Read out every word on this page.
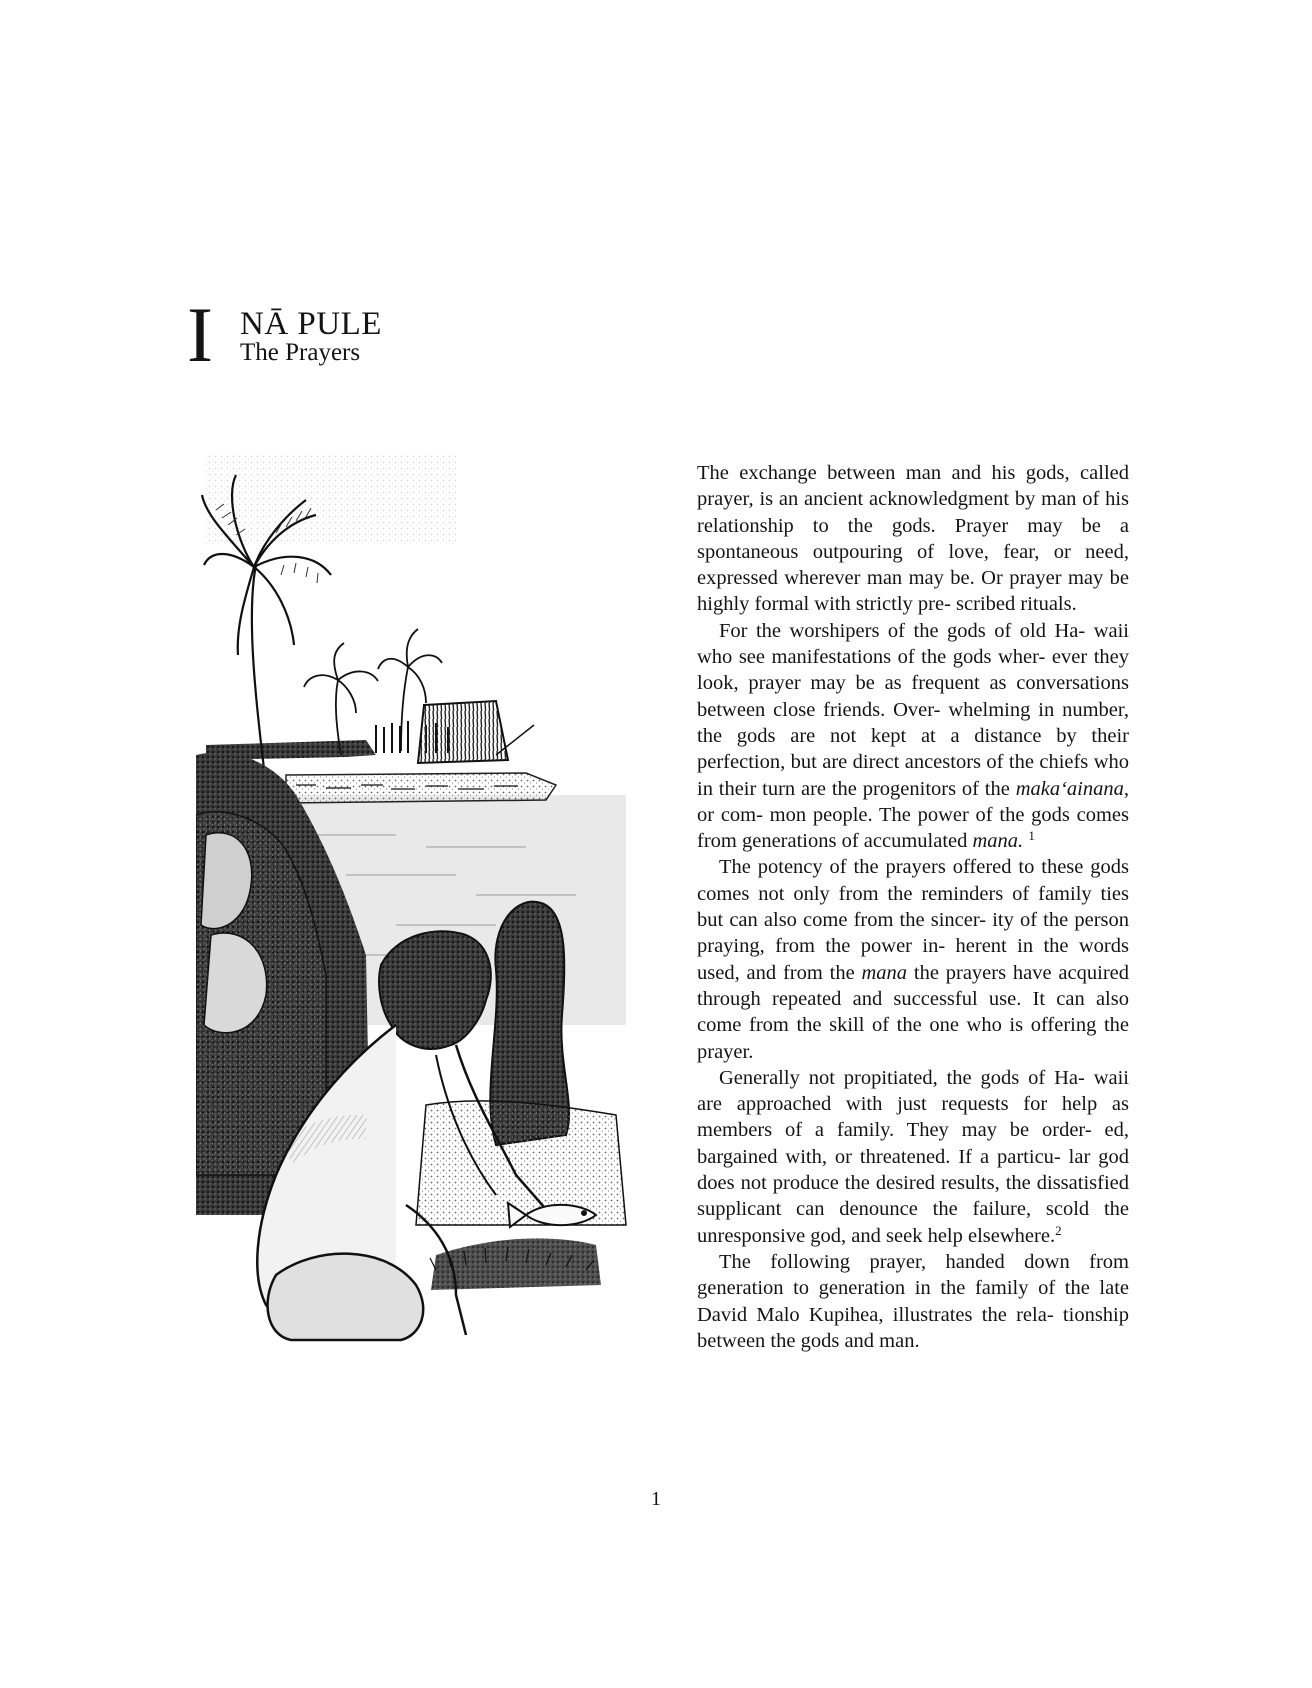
I NĀ PULE
The Prayers

The exchange between man and his gods, called prayer, is an ancient acknowledgment by man of his relationship to the gods. Prayer may be a spontaneous outpouring of love, fear, or need, expressed wherever man may be. Or prayer may be highly formal with strictly pre- scribed rituals.

For the worshipers of the gods of old Ha- waii who see manifestations of the gods wher- ever they look, prayer may be as frequent as conversations between close friends. Over- whelming in number, the gods are not kept at a distance by their perfection, but are direct ancestors of the chiefs who in their turn are the progenitors of the maka‘ainana, or com- mon people. The power of the gods comes from generations of accumulated mana. $^1$

The potency of the prayers offered to these gods comes not only from the reminders of family ties but can also come from the sincer- ity of the person praying, from the power in- herent in the words used, and from the mana the prayers have acquired through repeated and successful use. It can also come from the skill of the one who is offering the prayer.

Generally not propitiated, the gods of Ha- waii are approached with just requests for help as members of a family. They may be order- ed, bargained with, or threatened. If a particu- lar god does not produce the desired results, the dissatisfied supplicant can denounce the failure, scold the unresponsive god, and seek help elsewhere.$^2$

The following prayer, handed down from generation to generation in the family of the late David Malo Kupihea, illustrates the rela- tionship between the gods and man.

1
